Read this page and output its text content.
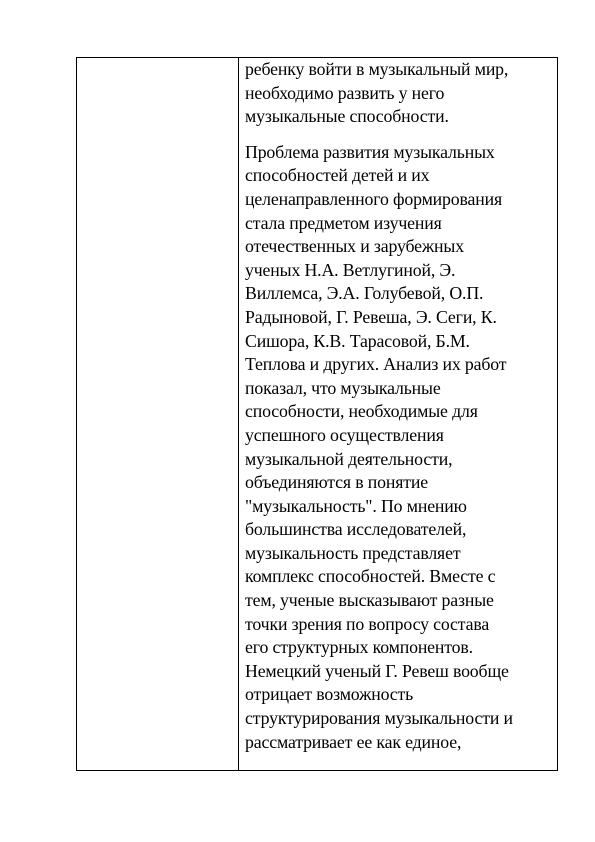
ребенку войти в музыкальный мир,
необходимо развить у него
музыкальные способности.

Проблема развития музыкальных
способностей детей и их
целенаправленного формирования
стала предметом изучения
отечественных и зарубежных
ученых Н.А. Ветлугиной, Э.
Виллемса, Э.А. Голубевой, О.П.
Радыновой, Г. Ревеша, Э. Сеги, К.
Сишора, К.В. Тарасовой, Б.М.
Теплова и других. Анализ их работ
показал, что музыкальные
способности, необходимые для
успешного осуществления
музыкальной деятельности,
объединяются в понятие
"музыкальность". По мнению
большинства исследователей,
музыкальность представляет
комплекс способностей. Вместе с
тем, ученые высказывают разные
точки зрения по вопросу состава
его структурных компонентов.
Немецкий ученый Г. Ревеш вообще
отрицает возможность
структурирования музыкальности и
рассматривает ее как единое,
